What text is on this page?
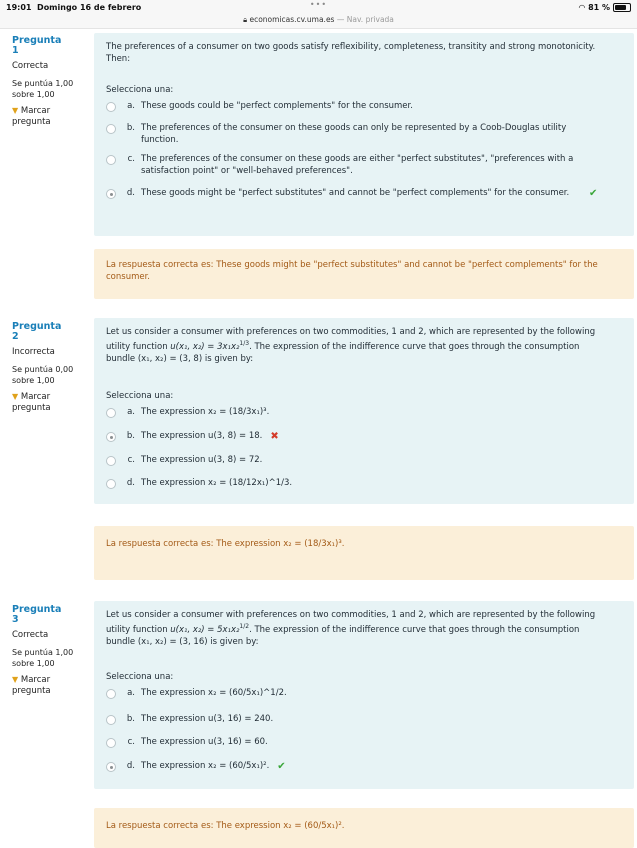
19:01 Domingo 16 de febrero	•••
🔒︎ economicas.cv.uma.es — Nav. privada
◠ 81 %
Pregunta
1
Correcta
Se puntúa 1,00 sobre 1,00
▼ Marcar pregunta
The preferences of a consumer on two goods satisfy reflexibility, completeness, transitity and strong monotonicity. Then:
Selecciona una:
a. These goods could be "perfect complements" for the consumer.
b. The preferences of the consumer on these goods can only be represented by a Coob-Douglas utility function.
c. The preferences of the consumer on these goods are either "perfect substitutes", "preferences with a satisfaction point" or "well-behaved preferences".
d. These goods might be "perfect substitutes" and cannot be "perfect complements" for the consumer.	✔
La respuesta correcta es: These goods might be "perfect substitutes" and cannot be "perfect complements" for the consumer.
Pregunta
2
Incorrecta
Se puntúa 0,00 sobre 1,00
▼ Marcar pregunta
Let us consider a consumer with preferences on two commodities, 1 and 2, which are represented by the following utility function u(x₁, x₂) = 3x₁x₂$^{1/3}$. The expression of the indifference curve that goes through the consumption bundle (x₁, x₂) = (3, 8) is given by:
Selecciona una:
a. The expression x₂ = (18/3x₁)³.
b. The expression u(3, 8) = 18. ✖
c. The expression u(3, 8) = 72.
d. The expression x₂ = (18/12x₁)^1/3.
La respuesta correcta es: The expression x₂ = (18/3x₁)³.
Pregunta
3
Correcta
Se puntúa 1,00 sobre 1,00
▼ Marcar pregunta
Let us consider a consumer with preferences on two commodities, 1 and 2, which are represented by the following utility function u(x₁, x₂) = 5x₁x₂$^{1/2}$. The expression of the indifference curve that goes through the consumption bundle (x₁, x₂) = (3, 16) is given by:
Selecciona una:
a. The expression x₂ = (60/5x₁)^1/2.
b. The expression u(3, 16) = 240.
c. The expression u(3, 16) = 60.
d. The expression x₂ = (60/5x₁)². ✔
La respuesta correcta es: The expression x₂ = (60/5x₁)².
